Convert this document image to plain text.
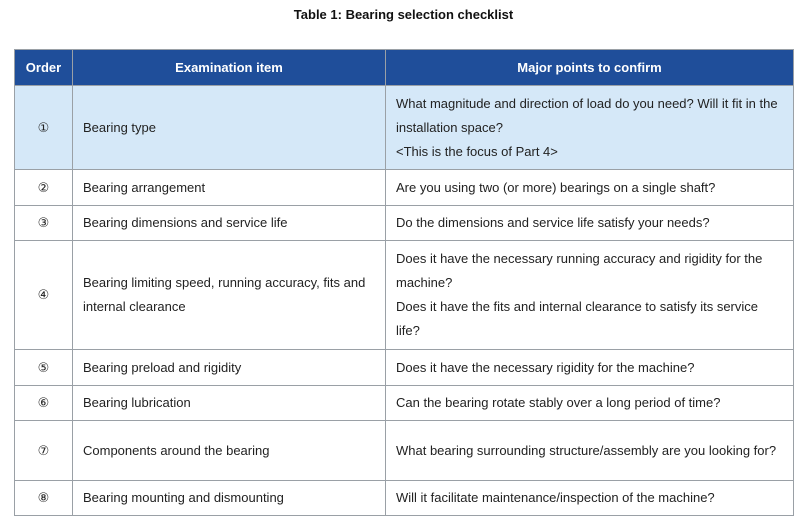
Table 1: Bearing selection checklist
Order	Examination item	Major points to confirm
①	Bearing type	What magnitude and direction of load do you need? Will it fit in the installation space?
<This is the focus of Part 4>

②	Bearing arrangement	Are you using two (or more) bearings on a single shaft?

③	Bearing dimensions and service life	Do the dimensions and service life satisfy your needs?

④	Bearing limiting speed, running accuracy, fits and internal clearance	Does it have the necessary running accuracy and rigidity for the machine?
Does it have the fits and internal clearance to satisfy its service life?

⑤	Bearing preload and rigidity	Does it have the necessary rigidity for the machine?

⑥	Bearing lubrication	Can the bearing rotate stably over a long period of time?

⑦	Components around the bearing	What bearing surrounding structure/assembly are you looking for?

⑧	Bearing mounting and dismounting	Will it facilitate maintenance/inspection of the machine?
